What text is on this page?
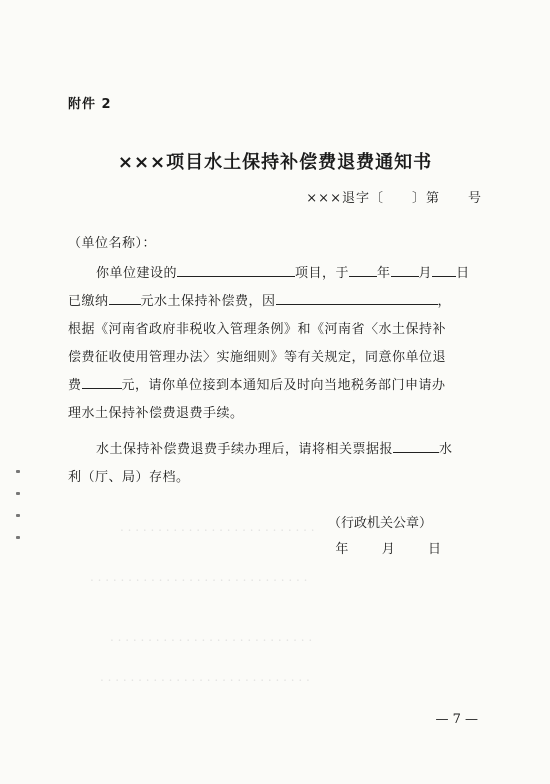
附件 2
×××项目水土保持补偿费退费通知书
×××退字〔 〕第 号
（单位名称）：
你单位建设的	项目，于 年 月 日
已缴纳 元水土保持补偿费，因	，
根据《河南省政府非税收入管理条例》和《河南省〈水土保持补
偿费征收使用管理办法〉实施细则》等有关规定，同意你单位退
费	元，请你单位接到本通知后及时向当地税务部门申请办
理水土保持补偿费退费手续。
水土保持补偿费退费手续办理后，请将相关票据报	水
利（厅、局）存档。
（行政机关公章）
年 月 日
— 7 —
. . . . . . . . . . . . . . . . . . . . . . . . . .
. . . . . . . . . . . . . . . . . . . . . . . . . . . . .
. . . . . . . . . . . . . . . . . . . . . . . . . . .
. . . . . . . . . . . . . . . . . . . . . . . . . . . .
